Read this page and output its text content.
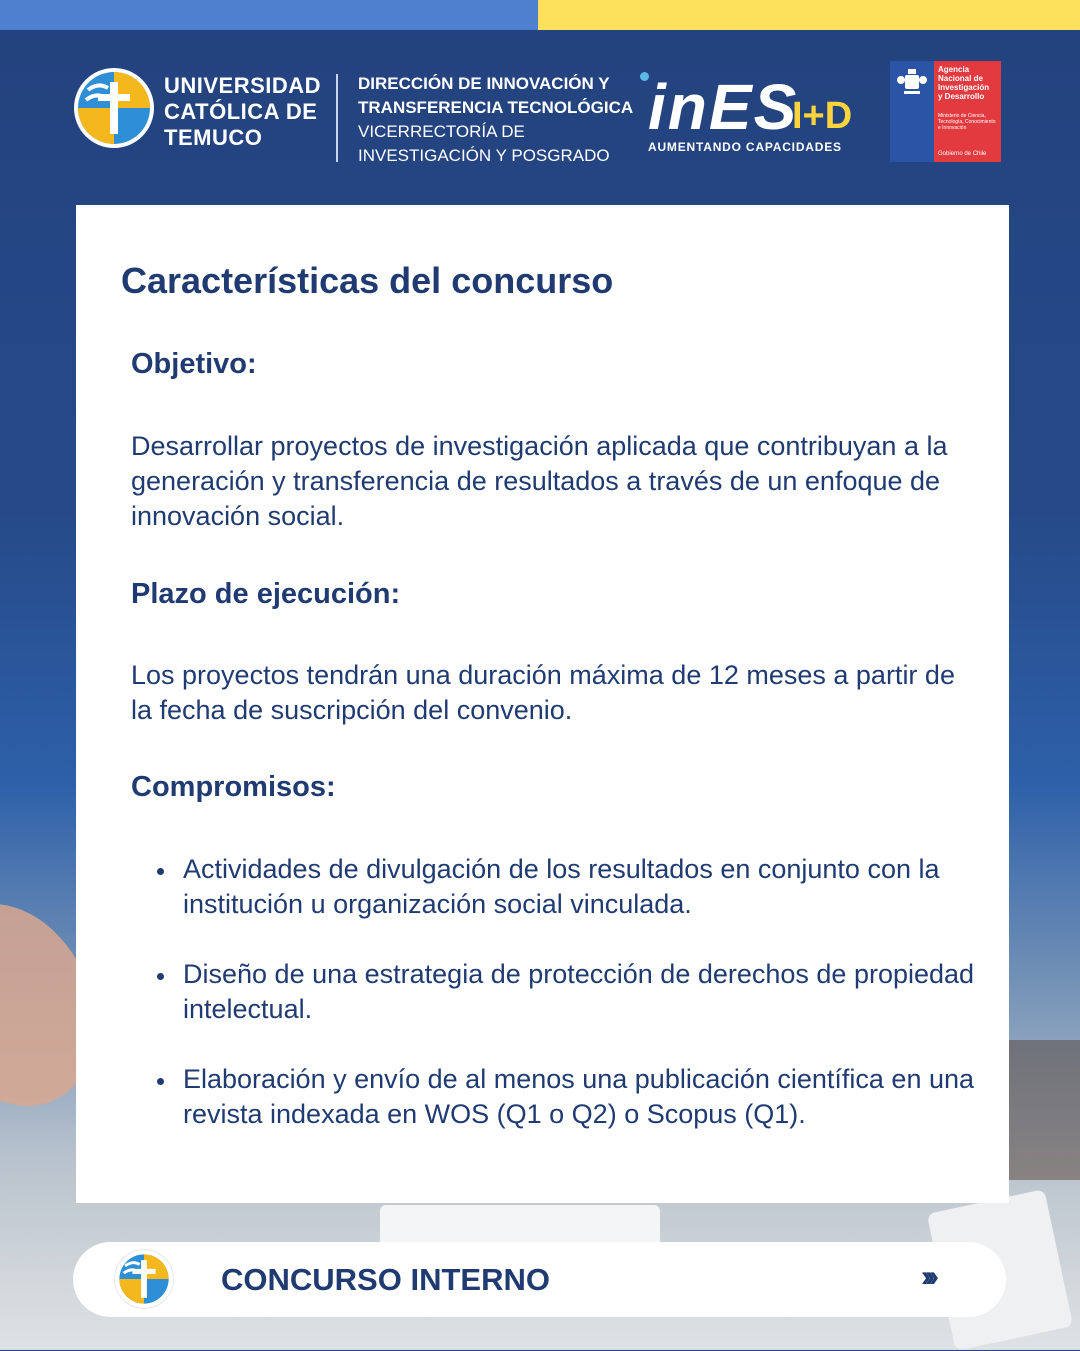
UNIVERSIDAD
CATÓLICA DE
TEMUCO
DIRECCIÓN DE INNOVACIÓN Y
TRANSFERENCIA TECNOLÓGICA
VICERRECTORÍA DE
INVESTIGACIÓN Y POSGRADO
inES
I+D
AUMENTANDO CAPACIDADES
Agencia
Nacional de
Investigación
y Desarrollo
Ministerio de Ciencia, Tecnología, Conocimiento e Innovación
Gobierno de Chile
Características del concurso
Objetivo:
Desarrollar proyectos de investigación aplicada que contribuyan a la generación y transferencia de resultados a través de un enfoque de innovación social.
Plazo de ejecución:
Los proyectos tendrán una duración máxima de 12 meses a partir de la fecha de suscripción del convenio.
Compromisos:
Actividades de divulgación de los resultados en conjunto con la institución u organización social vinculada.
Diseño de una estrategia de protección de derechos de propiedad intelectual.
Elaboración y envío de al menos una publicación científica en una revista indexada en WOS (Q1 o Q2) o Scopus (Q1).
CONCURSO INTERNO	›››
